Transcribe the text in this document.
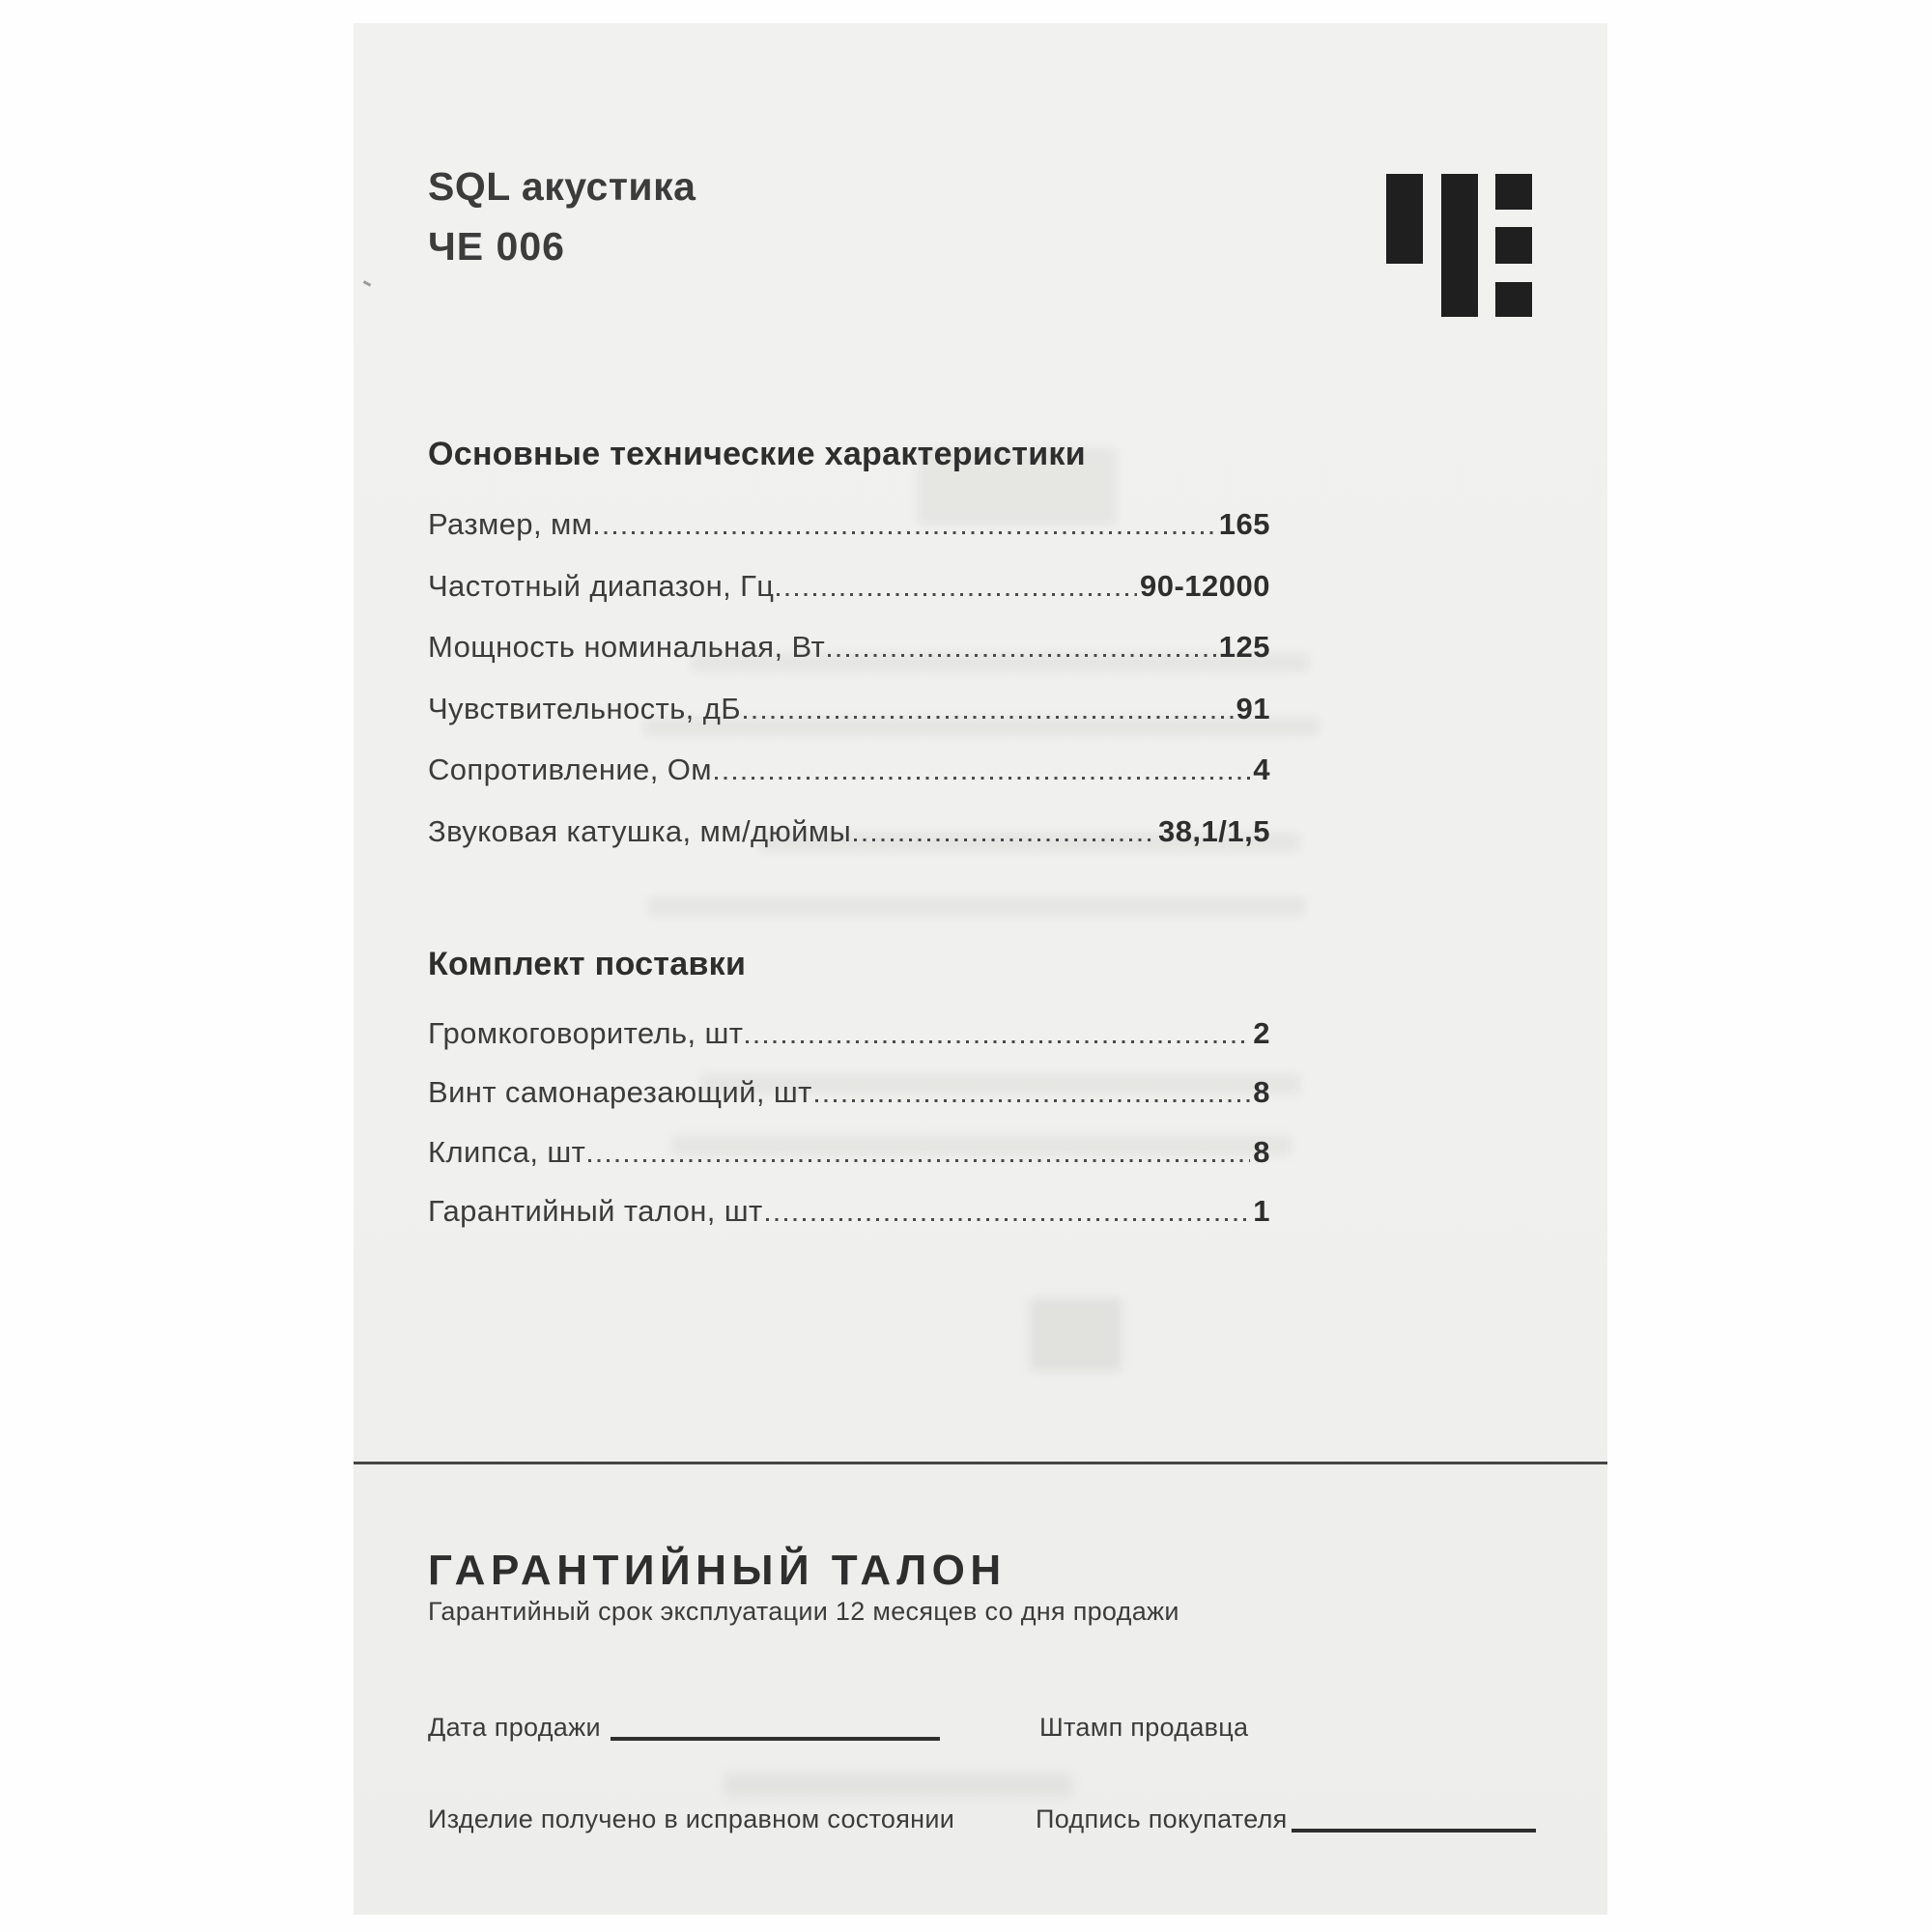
SQL акустика
ЧЕ 006
Основные технические характеристики
Размер, мм	165
Частотный диапазон, Гц	90-12000
Мощность номинальная, Вт	125
Чувствительность, дБ	91
Сопротивление, Ом	4
Звуковая катушка, мм/дюймы	38,1/1,5
Комплект поставки
Громкоговоритель, шт	2
Винт самонарезающий, шт	8
Клипса, шт	8
Гарантийный талон, шт	1
ГАРАНТИЙНЫЙ ТАЛОН
Гарантийный срок эксплуатации 12 месяцев со дня продажи
Дата продажи	Штамп продавца
Изделие получено в исправном состоянии	Подпись покупателя
